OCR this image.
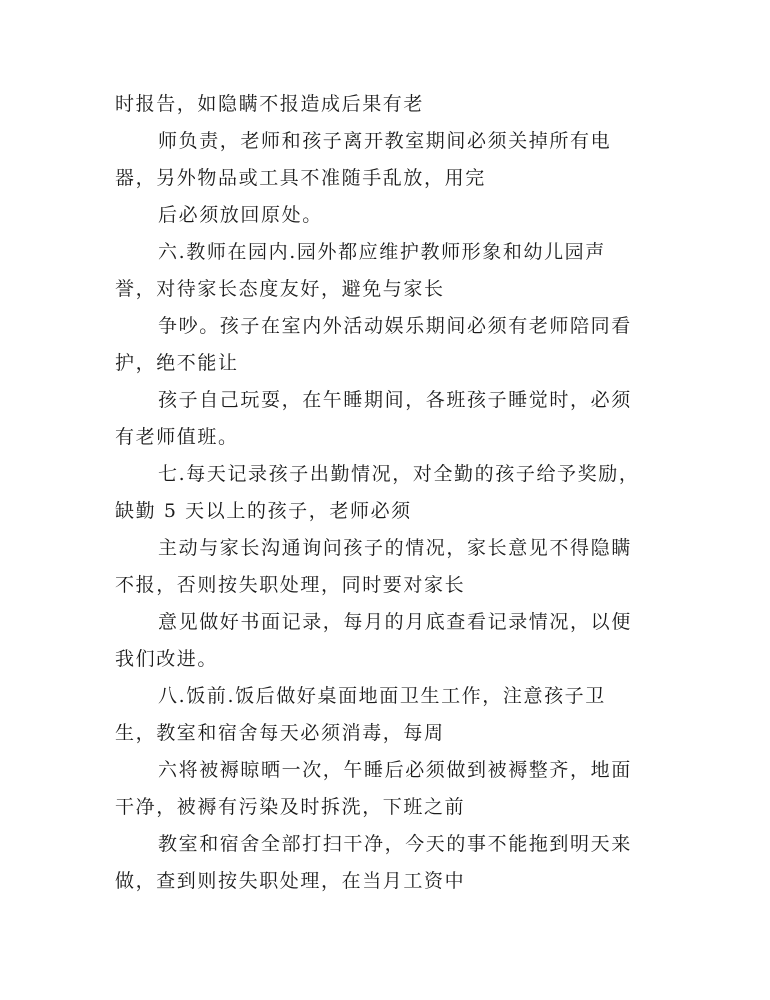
时报告，如隐瞒不报造成后果有老

师负责，老师和孩子离开教室期间必须关掉所有电

器，另外物品或工具不准随手乱放，用完

后必须放回原处。

六.教师在园内.园外都应维护教师形象和幼儿园声

誉，对待家长态度友好，避免与家长

争吵。孩子在室内外活动娱乐期间必须有老师陪同看

护，绝不能让

孩子自己玩耍，在午睡期间，各班孩子睡觉时，必须

有老师值班。

七.每天记录孩子出勤情况，对全勤的孩子给予奖励，

缺勤 5 天以上的孩子，老师必须

主动与家长沟通询问孩子的情况，家长意见不得隐瞒

不报，否则按失职处理，同时要对家长

意见做好书面记录，每月的月底查看记录情况，以便

我们改进。

八.饭前.饭后做好桌面地面卫生工作，注意孩子卫

生，教室和宿舍每天必须消毒，每周

六将被褥晾晒一次，午睡后必须做到被褥整齐，地面

干净，被褥有污染及时拆洗，下班之前

教室和宿舍全部打扫干净，今天的事不能拖到明天来

做，查到则按失职处理，在当月工资中
